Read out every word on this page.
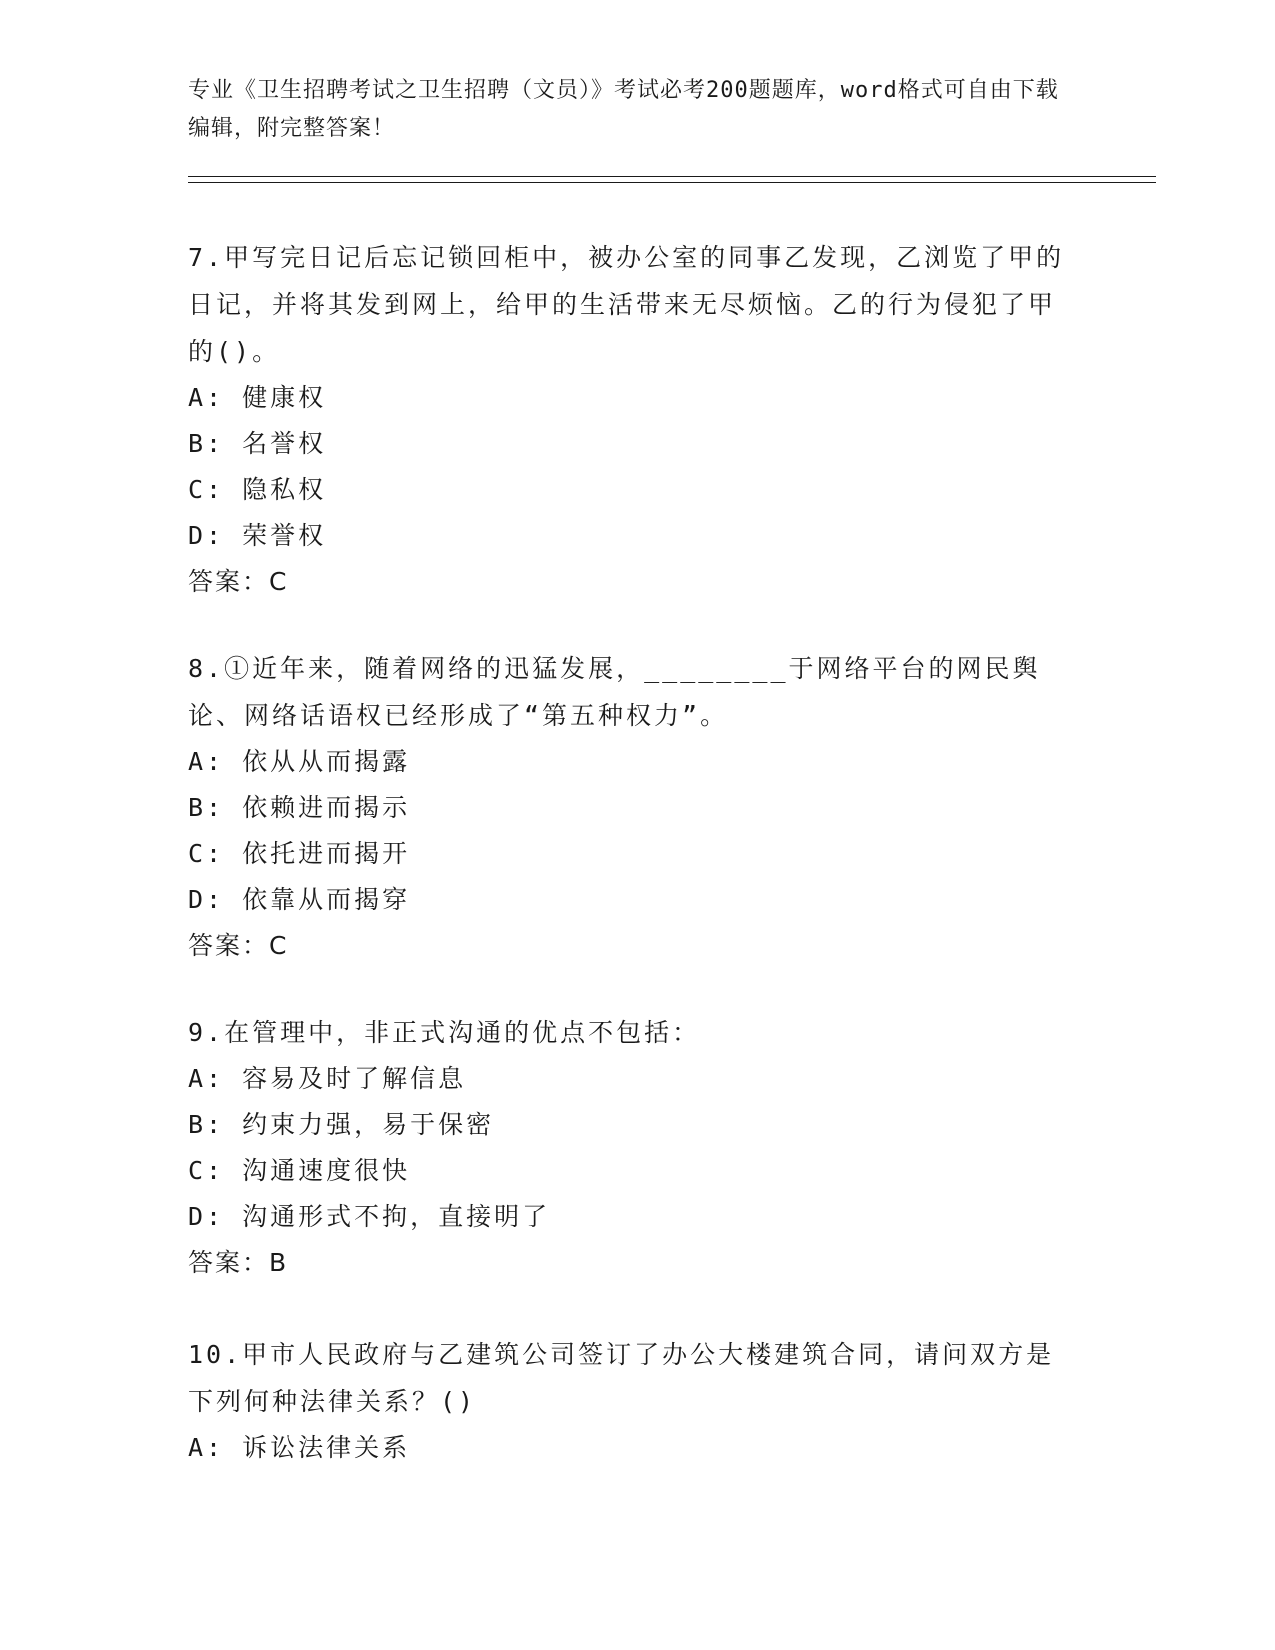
专业《卫生招聘考试之卫生招聘（文员）》考试必考200题题库，word格式可自由下载编辑，附完整答案！

7.甲写完日记后忘记锁回柜中，被办公室的同事乙发现，乙浏览了甲的日记，并将其发到网上，给甲的生活带来无尽烦恼。乙的行为侵犯了甲的()。

A: 健康权

B: 名誉权

C: 隐私权

D: 荣誉权

答案：C

8.①近年来，随着网络的迅猛发展，________于网络平台的网民舆论、网络话语权已经形成了“第五种权力”。

A: 依从从而揭露

B: 依赖进而揭示

C: 依托进而揭开

D: 依靠从而揭穿

答案：C

9.在管理中，非正式沟通的优点不包括：

A: 容易及时了解信息

B: 约束力强，易于保密

C: 沟通速度很快

D: 沟通形式不拘，直接明了

答案：B

10.甲市人民政府与乙建筑公司签订了办公大楼建筑合同，请问双方是下列何种法律关系？()

A: 诉讼法律关系
